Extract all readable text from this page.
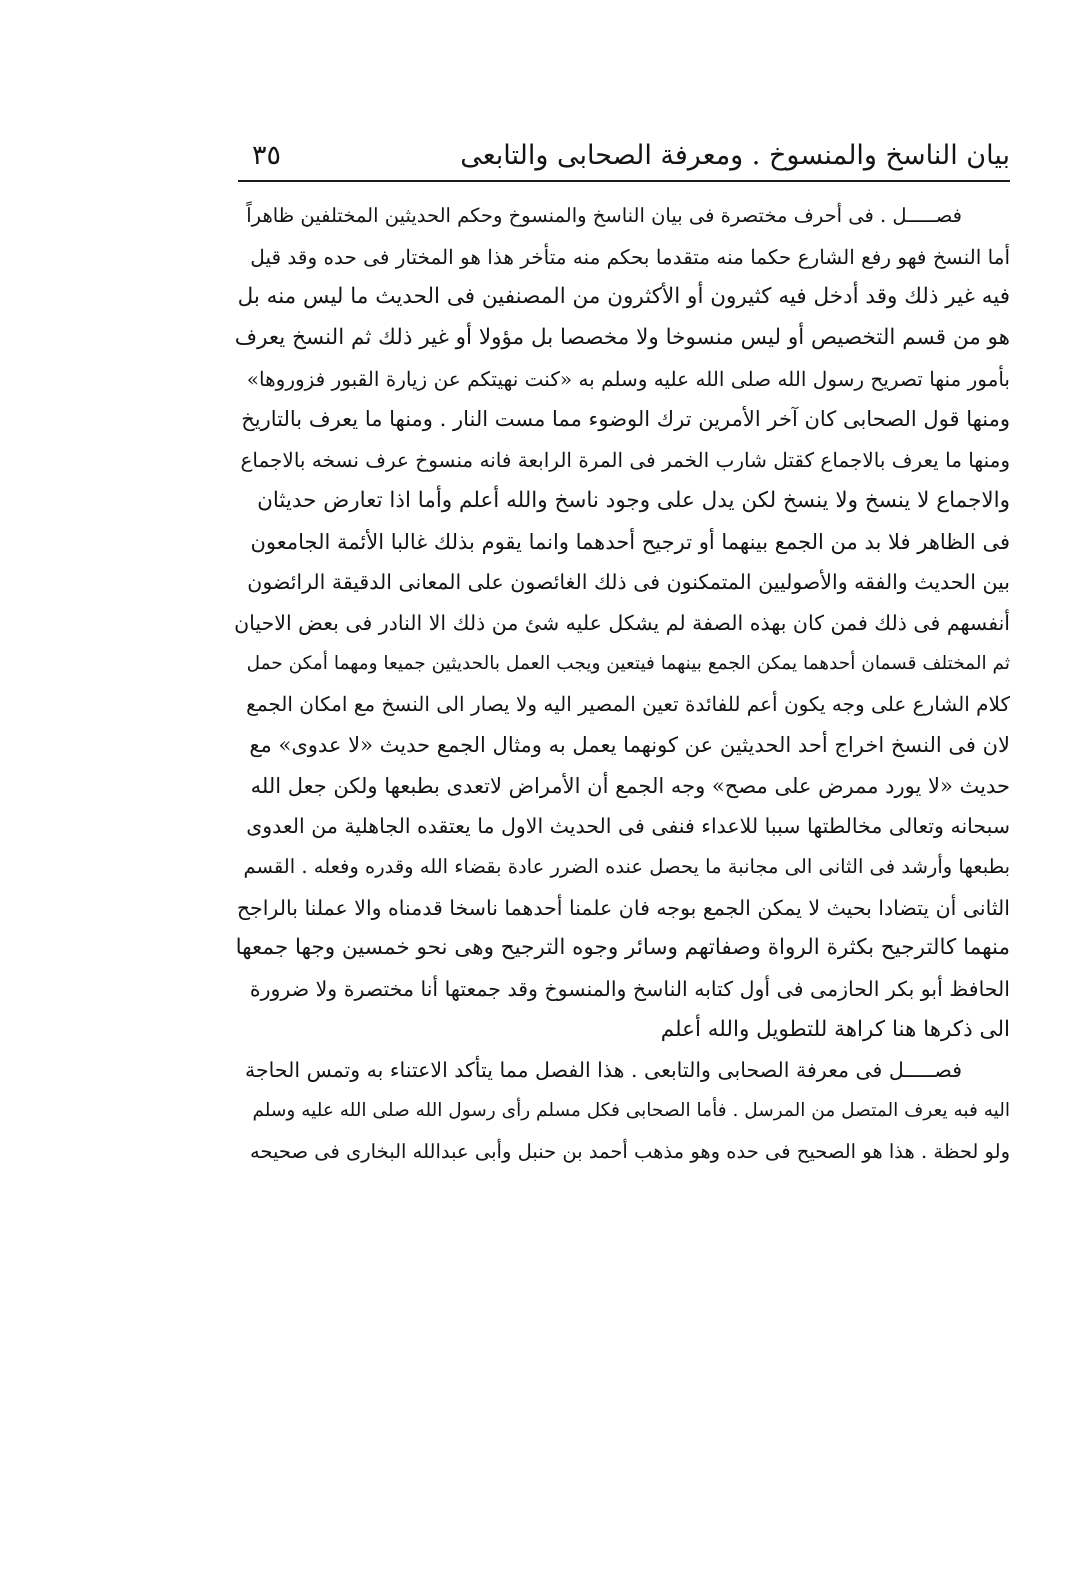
بيان الناسخ والمنسوخ . ومعرفة الصحابى والتابعى
٣٥
فصـــــل . فى أحرف مختصرة فى بيان الناسخ والمنسوخ وحكم الحديثين المختلفين ظاهراً
أما النسخ فهو رفع الشارع حكما منه متقدما بحكم منه متأخر هذا هو المختار فى حده وقد قيل
فيه غير ذلك وقد أدخل فيه كثيرون أو الأكثرون من المصنفين فى الحديث ما ليس منه بل
هو من قسم التخصيص أو ليس منسوخا ولا مخصصا بل مؤولا أو غير ذلك ثم النسخ يعرف
بأمور منها تصريح رسول الله صلى الله عليه وسلم به «كنت نهيتكم عن زيارة القبور فزوروها»
ومنها قول الصحابى كان آخر الأمرين ترك الوضوء مما مست النار . ومنها ما يعرف بالتاريخ
ومنها ما يعرف بالاجماع كقتل شارب الخمر فى المرة الرابعة فانه منسوخ عرف نسخه بالاجماع
والاجماع لا ينسخ ولا ينسخ لكن يدل على وجود ناسخ والله أعلم وأما اذا تعارض حديثان
فى الظاهر فلا بد من الجمع بينهما أو ترجيح أحدهما وانما يقوم بذلك غالبا الأئمة الجامعون
بين الحديث والفقه والأصوليين المتمكنون فى ذلك الغائصون على المعانى الدقيقة الرائضون
أنفسهم فى ذلك فمن كان بهذه الصفة لم يشكل عليه شئ من ذلك الا النادر فى بعض الاحيان
ثم المختلف قسمان أحدهما يمكن الجمع بينهما فيتعين ويجب العمل بالحديثين جميعا ومهما أمكن حمل
كلام الشارع على وجه يكون أعم للفائدة تعين المصير اليه ولا يصار الى النسخ مع امكان الجمع
لان فى النسخ اخراج أحد الحديثين عن كونهما يعمل به ومثال الجمع حديث «لا عدوى» مع
حديث «لا يورد ممرض على مصح» وجه الجمع أن الأمراض لاتعدى بطبعها ولكن جعل الله
سبحانه وتعالى مخالطتها سببا للاعداء فنفى فى الحديث الاول ما يعتقده الجاهلية من العدوى
بطبعها وأرشد فى الثانى الى مجانبة ما يحصل عنده الضرر عادة بقضاء الله وقدره وفعله . القسم
الثانى أن يتضادا بحيث لا يمكن الجمع بوجه فان علمنا أحدهما ناسخا قدمناه والا عملنا بالراجح
منهما كالترجيح بكثرة الرواة وصفاتهم وسائر وجوه الترجيح وهى نحو خمسين وجها جمعها
الحافظ أبو بكر الحازمى فى أول كتابه الناسخ والمنسوخ وقد جمعتها أنا مختصرة ولا ضرورة
الى ذكرها هنا كراهة للتطويل والله أعلم
فصـــــل فى معرفة الصحابى والتابعى . هذا الفصل مما يتأكد الاعتناء به وتمس الحاجة
اليه فبه يعرف المتصل من المرسل . فأما الصحابى فكل مسلم رأى رسول الله صلى الله عليه وسلم
ولو لحظة . هذا هو الصحيح فى حده وهو مذهب أحمد بن حنبل وأبى عبدالله البخارى فى صحيحه
